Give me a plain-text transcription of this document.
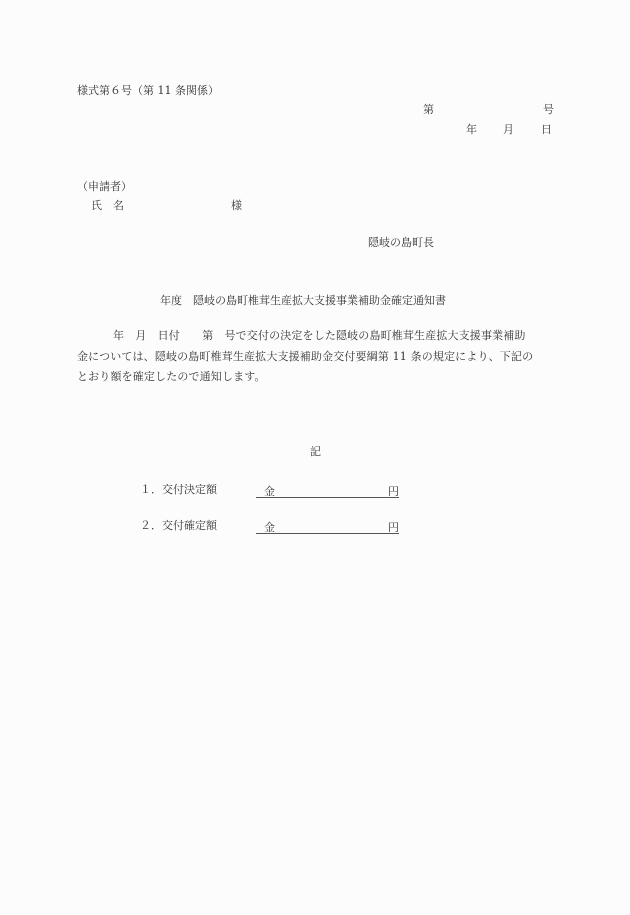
様式第６号（第 11 条関係）
第	号
年 月 日
（申請者）
氏　名	様
隠岐の島町長
年度　隠岐の島町椎茸生産拡大支援事業補助金確定通知書
年　月　日付　　第　号で交付の決定をした隠岐の島町椎茸生産拡大支援事業補助
金については、隠岐の島町椎茸生産拡大支援補助金交付要綱第 11 条の規定により、下記の
とおり額を確定したので通知します。
記
１．交付決定額	金	円
２．交付確定額	金	円
